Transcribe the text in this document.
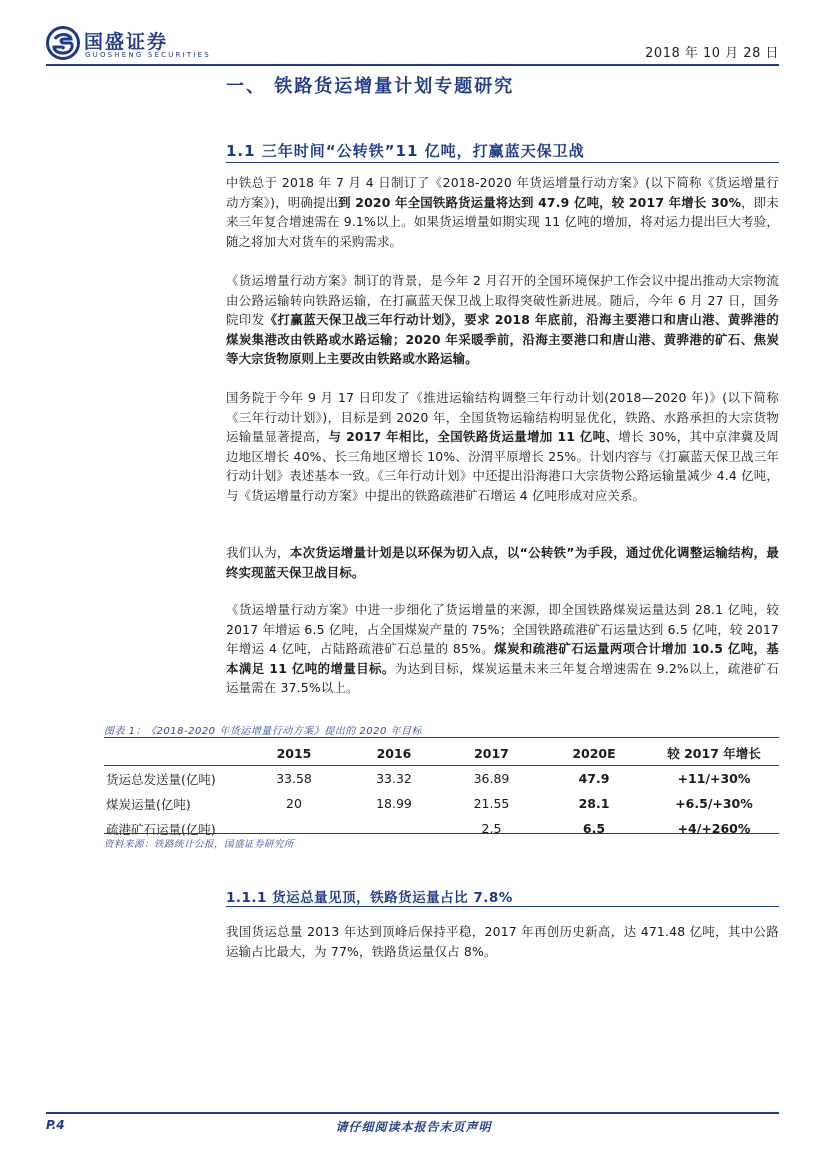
国盛证券
GUOSHENG SECURITIES	2018 年 10 月 28 日
一、 铁路货运增量计划专题研究
1.1 三年时间“公转铁”11 亿吨，打赢蓝天保卫战
中铁总于 2018 年 7 月 4 日制订了《2018-2020 年货运增量行动方案》(以下简称《货运增量行动方案》)，明确提出到 2020 年全国铁路货运量将达到 47.9 亿吨，较 2017 年增长 30%，即未来三年复合增速需在 9.1%以上。如果货运增量如期实现 11 亿吨的增加，将对运力提出巨大考验，随之将加大对货车的采购需求。
《货运增量行动方案》制订的背景，是今年 2 月召开的全国环境保护工作会议中提出推动大宗物流由公路运输转向铁路运输，在打赢蓝天保卫战上取得突破性新进展。随后，今年 6 月 27 日，国务院印发《打赢蓝天保卫战三年行动计划》，要求 2018 年底前，沿海主要港口和唐山港、黄骅港的煤炭集港改由铁路或水路运输；2020 年采暖季前，沿海主要港口和唐山港、黄骅港的矿石、焦炭等大宗货物原则上主要改由铁路或水路运输。
国务院于今年 9 月 17 日印发了《推进运输结构调整三年行动计划(2018—2020 年)》(以下简称《三年行动计划》)，目标是到 2020 年，全国货物运输结构明显优化，铁路、水路承担的大宗货物运输量显著提高，与 2017 年相比，全国铁路货运量增加 11 亿吨、增长 30%，其中京津冀及周边地区增长 40%、长三角地区增长 10%、汾渭平原增长 25%。计划内容与《打赢蓝天保卫战三年行动计划》表述基本一致。《三年行动计划》中还提出沿海港口大宗货物公路运输量减少 4.4 亿吨，与《货运增量行动方案》中提出的铁路疏港矿石增运 4 亿吨形成对应关系。
我们认为，本次货运增量计划是以环保为切入点，以“公转铁”为手段，通过优化调整运输结构，最终实现蓝天保卫战目标。
《货运增量行动方案》中进一步细化了货运增量的来源，即全国铁路煤炭运量达到 28.1 亿吨，较 2017 年增运 6.5 亿吨，占全国煤炭产量的 75%；全国铁路疏港矿石运量达到 6.5 亿吨，较 2017 年增运 4 亿吨，占陆路疏港矿石总量的 85%。煤炭和疏港矿石运量两项合计增加 10.5 亿吨，基本满足 11 亿吨的增量目标。为达到目标，煤炭运量未来三年复合增速需在 9.2%以上，疏港矿石运量需在 37.5%以上。
图表 1：《2018-2020 年货运增量行动方案》提出的 2020 年目标
	2015	2016	2017	2020E	较 2017 年增长
货运总发送量(亿吨)	33.58	33.32	36.89	47.9	+11/+30%
煤炭运量(亿吨)	20	18.99	21.55	28.1	+6.5/+30%
疏港矿石运量(亿吨)			2.5	6.5	+4/+260%
资料来源：铁路统计公报，国盛证券研究所
1.1.1 货运总量见顶，铁路货运量占比 7.8%
我国货运总量 2013 年达到顶峰后保持平稳，2017 年再创历史新高，达 471.48 亿吨，其中公路运输占比最大，为 77%，铁路货运量仅占 8%。
请仔细阅读本报告末页声明
P.4
